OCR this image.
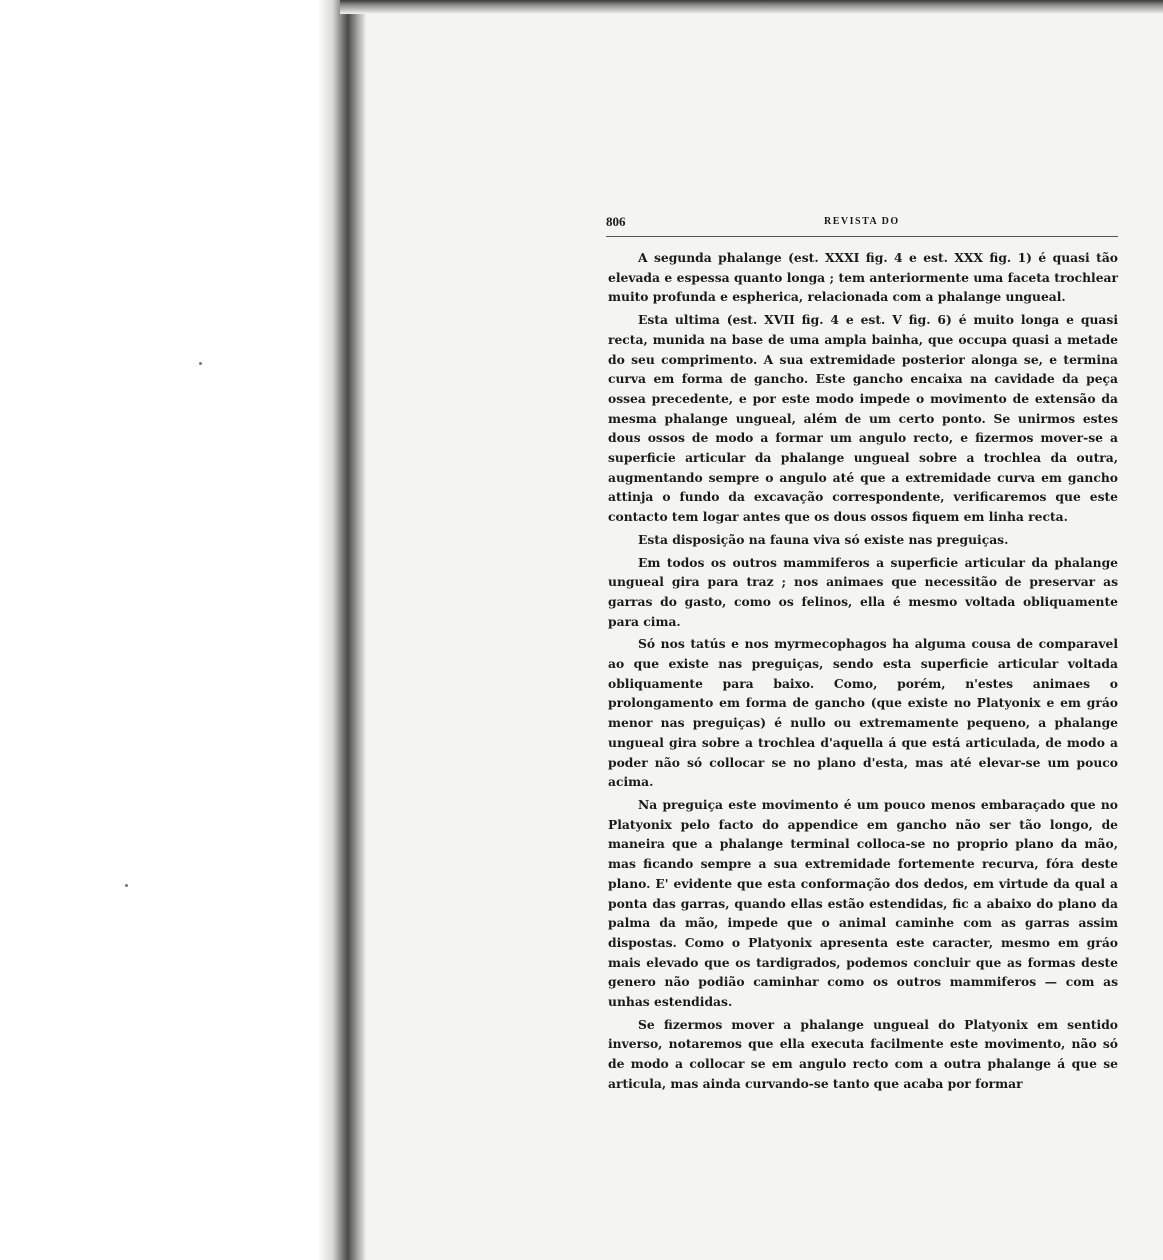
806	REVISTA DO

A segunda phalange (est. XXXI fig. 4 e est. XXX fig. 1) é quasi tão elevada e espessa quanto longa ; tem anteriormente uma faceta trochlear muito profunda e espherica, relacionada com a phalange ungueal.

Esta ultima (est. XVII fig. 4 e est. V fig. 6) é muito longa e quasi recta, munida na base de uma ampla bainha, que occupa quasi a metade do seu comprimento. A sua extremidade posterior alonga se, e termina curva em forma de gancho. Este gancho encaixa na cavidade da peça ossea precedente, e por este modo impede o movimento de extensão da mesma phalange ungueal, além de um certo ponto. Se unirmos estes dous ossos de modo a formar um angulo recto, e fizermos mover-se a superficie articular da phalange ungueal sobre a trochlea da outra, augmentando sempre o angulo até que a extremidade curva em gancho attinja o fundo da excavação correspondente, verificaremos que este contacto tem logar antes que os dous ossos fiquem em linha recta.

Esta disposição na fauna viva só existe nas preguiças.

Em todos os outros mammiferos a superficie articular da phalange ungueal gira para traz ; nos animaes que necessitão de preservar as garras do gasto, como os felinos, ella é mesmo voltada obliquamente para cima.

Só nos tatús e nos myrmecophagos ha alguma cousa de comparavel ao que existe nas preguiças, sendo esta superficie articular voltada obliquamente para baixo. Como, porém, n'estes animaes o prolongamento em forma de gancho (que existe no Platyonix e em gráo menor nas preguiças) é nullo ou extremamente pequeno, a phalange ungueal gira sobre a trochlea d'aquella á que está articulada, de modo a poder não só collocar se no plano d'esta, mas até elevar-se um pouco acima.

Na preguiça este movimento é um pouco menos embaraçado que no Platyonix pelo facto do appendice em gancho não ser tão longo, de maneira que a phalange terminal colloca-se no proprio plano da mão, mas ficando sempre a sua extremidade fortemente recurva, fóra deste plano. E' evidente que esta conformação dos dedos, em virtude da qual a ponta das garras, quando ellas estão estendidas, fic a abaixo do plano da palma da mão, impede que o animal caminhe com as garras assim dispostas. Como o Platyonix apresenta este caracter, mesmo em gráo mais elevado que os tardigrados, podemos concluir que as formas deste genero não podião caminhar como os outros mammiferos — com as unhas estendidas.

Se fizermos mover a phalange ungueal do Platyonix em sentido inverso, notaremos que ella executa facilmente este movimento, não só de modo a collocar se em angulo recto com a outra phalange á que se articula, mas ainda curvando-se tanto que acaba por formar
